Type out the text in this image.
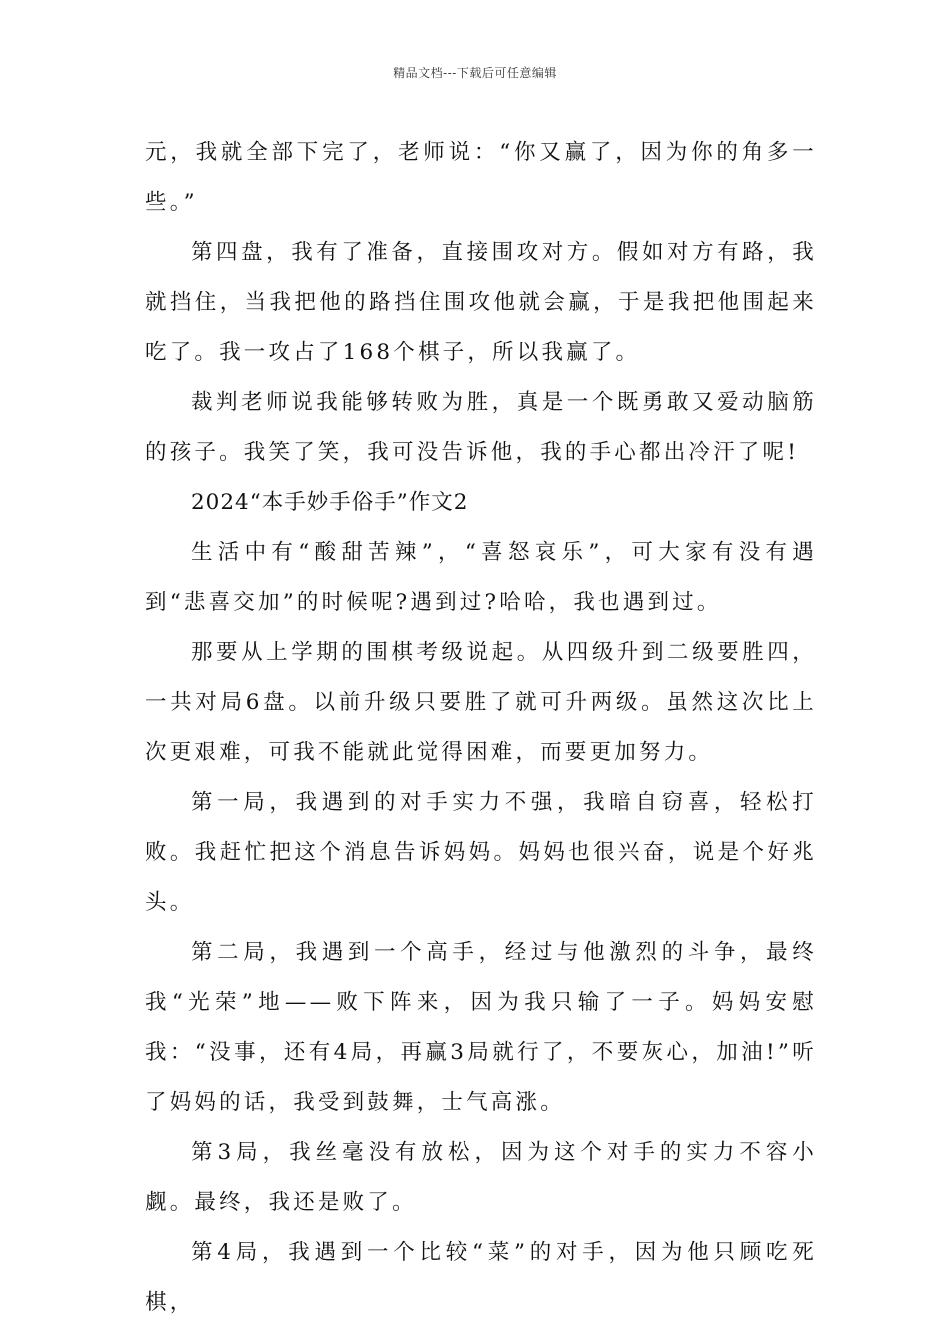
精品文档---下载后可任意编辑

元，我就全部下完了，老师说：“你又赢了，因为你的角多一些。”

第四盘，我有了准备，直接围攻对方。假如对方有路，我就挡住，当我把他的路挡住围攻他就会赢，于是我把他围起来吃了。我一攻占了168个棋子，所以我赢了。

裁判老师说我能够转败为胜，真是一个既勇敢又爱动脑筋的孩子。我笑了笑，我可没告诉他，我的手心都出冷汗了呢!

2024“本手妙手俗手”作文2

生活中有“酸甜苦辣”，“喜怒哀乐”，可大家有没有遇到“悲喜交加”的时候呢?遇到过?哈哈，我也遇到过。

那要从上学期的围棋考级说起。从四级升到二级要胜四，一共对局6盘。以前升级只要胜了就可升两级。虽然这次比上次更艰难，可我不能就此觉得困难，而要更加努力。

第一局，我遇到的对手实力不强，我暗自窃喜，轻松打败。我赶忙把这个消息告诉妈妈。妈妈也很兴奋，说是个好兆头。

第二局，我遇到一个高手，经过与他激烈的斗争，最终我“光荣”地——败下阵来，因为我只输了一子。妈妈安慰我：“没事，还有4局，再赢3局就行了，不要灰心，加油!”听了妈妈的话，我受到鼓舞，士气高涨。

第3局，我丝毫没有放松，因为这个对手的实力不容小觑。最终，我还是败了。

第4局，我遇到一个比较“菜”的对手，因为他只顾吃死棋，
